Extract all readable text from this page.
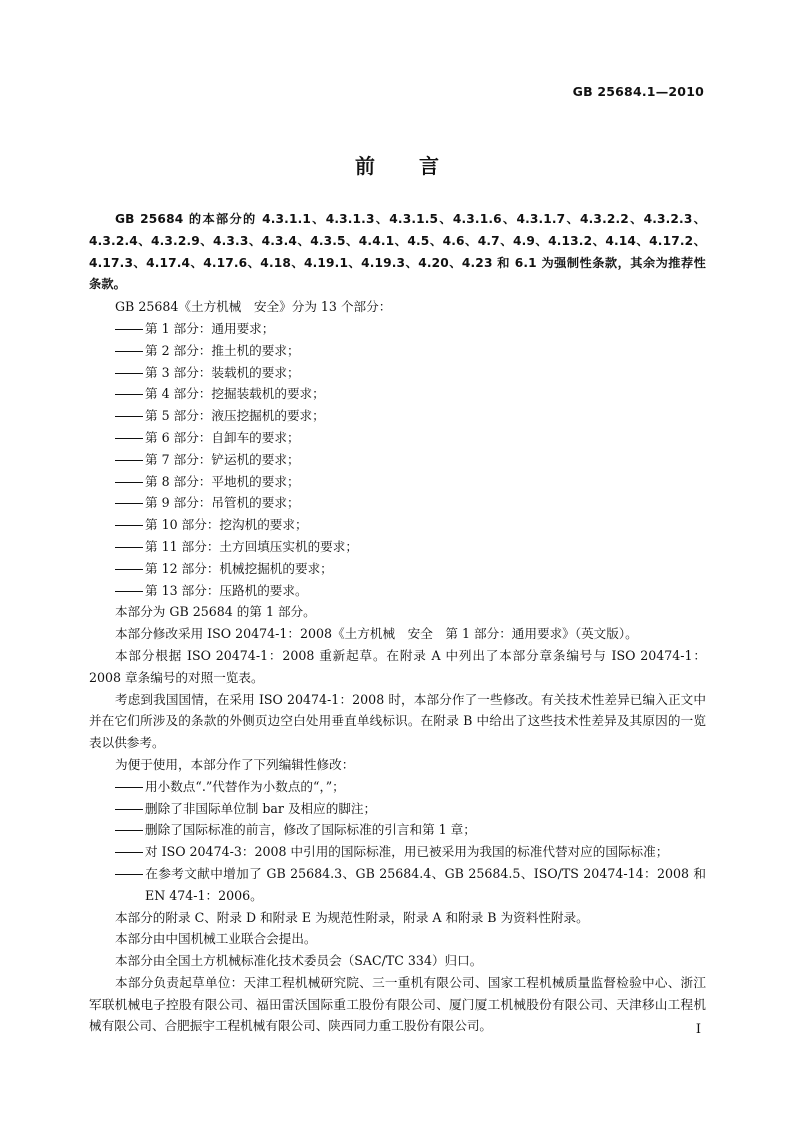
GB 25684.1—2010
前 言

GB 25684 的本部分的 4.3.1.1、4.3.1.3、4.3.1.5、4.3.1.6、4.3.1.7、4.3.2.2、4.3.2.3、4.3.2.4、4.3.2.9、4.3.3、4.3.4、4.3.5、4.4.1、4.5、4.6、4.7、4.9、4.13.2、4.14、4.17.2、4.17.3、4.17.4、4.17.6、4.18、4.19.1、4.19.3、4.20、4.23 和 6.1 为强制性条款，其余为推荐性条款。

GB 25684《土方机械　安全》分为 13 个部分：

第 1 部分：通用要求；

第 2 部分：推土机的要求；

第 3 部分：装载机的要求；

第 4 部分：挖掘装载机的要求；

第 5 部分：液压挖掘机的要求；

第 6 部分：自卸车的要求；

第 7 部分：铲运机的要求；

第 8 部分：平地机的要求；

第 9 部分：吊管机的要求；

第 10 部分：挖沟机的要求；

第 11 部分：土方回填压实机的要求；

第 12 部分：机械挖掘机的要求；

第 13 部分：压路机的要求。

本部分为 GB 25684 的第 1 部分。

本部分修改采用 ISO 20474-1：2008《土方机械　安全　第 1 部分：通用要求》（英文版）。

本部分根据 ISO 20474-1：2008 重新起草。在附录 A 中列出了本部分章条编号与 ISO 20474-1：2008 章条编号的对照一览表。

考虑到我国国情，在采用 ISO 20474-1：2008 时，本部分作了一些修改。有关技术性差异已编入正文中并在它们所涉及的条款的外侧页边空白处用垂直单线标识。在附录 B 中给出了这些技术性差异及其原因的一览表以供参考。

为便于使用，本部分作了下列编辑性修改：

用小数点“.”代替作为小数点的“，”；

删除了非国际单位制 bar 及相应的脚注；

删除了国际标准的前言，修改了国际标准的引言和第 1 章；

对 ISO 20474-3：2008 中引用的国际标准，用已被采用为我国的标准代替对应的国际标准；

在参考文献中增加了 GB 25684.3、GB 25684.4、GB 25684.5、ISO/TS 20474-14：2008 和 EN 474-1：2006。

本部分的附录 C、附录 D 和附录 E 为规范性附录，附录 A 和附录 B 为资料性附录。

本部分由中国机械工业联合会提出。

本部分由全国土方机械标准化技术委员会（SAC/TC 334）归口。

本部分负责起草单位：天津工程机械研究院、三一重机有限公司、国家工程机械质量监督检验中心、浙江军联机械电子控股有限公司、福田雷沃国际重工股份有限公司、厦门厦工机械股份有限公司、天津移山工程机械有限公司、合肥振宇工程机械有限公司、陕西同力重工股份有限公司。	I
